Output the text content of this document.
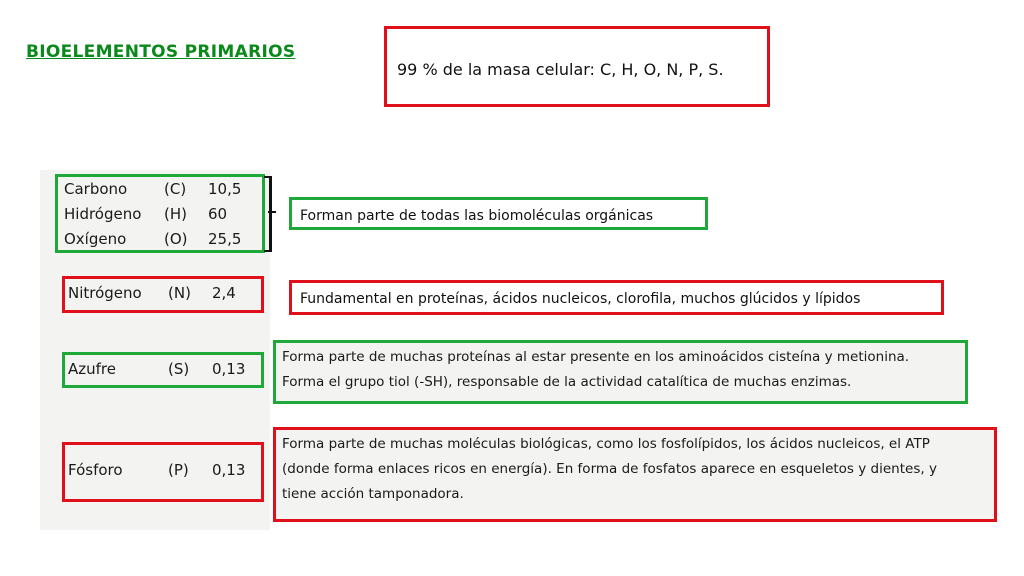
BIOELEMENTOS PRIMARIOS
99 % de la masa celular: C, H, O, N, P, S.
Carbono	(C)	10,5
Hidrógeno	(H)	60
Oxígeno	(O)	25,5
Forman parte de todas las biomoléculas orgánicas
Nitrógeno	(N)	2,4	Fundamental en proteínas, ácidos nucleicos, clorofila, muchos glúcidos y lípidos
Azufre	(S)	0,13
Forma parte de muchas proteínas al estar presente en los aminoácidos cisteína y metionina.
Forma el grupo tiol (-SH), responsable de la actividad catalítica de muchas enzimas.
Fósforo	(P)	0,13
Forma parte de muchas moléculas biológicas, como los fosfolípidos, los ácidos nucleicos, el ATP
(donde forma enlaces ricos en energía). En forma de fosfatos aparece en esqueletos y dientes, y
tiene acción tamponadora.
